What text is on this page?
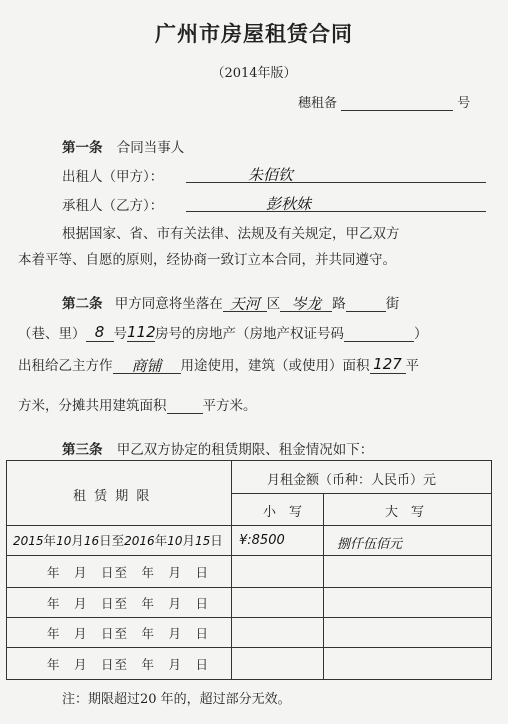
广州市房屋租赁合同
（2014年版）
穗租备	号
第一条 合同当事人
出租人（甲方）：	朱佰钦
承租人（乙方）：	彭秋妹
根据国家、省、市有关法律、法规及有关规定，甲乙双方
本着平等、自愿的原则，经协商一致订立本合同，并共同遵守。
第二条 甲方同意将坐落在 天河 区 岑龙 路	街
（巷、里） 8 号112房号的房地产（房地产权证号码	）
出租给乙主方作 商铺 用途使用，建筑（或使用）面积 127 平
方米，分摊共用建筑面积	平方米。
第三条 甲乙双方协定的租赁期限、租金情况如下：
租 赁 期 限
月租金额（币种：人民币）元
小　写	大　写
2015年10月16日至2016年10月15日 ¥:8500	捌仟伍佰元
年　月　日至　年　月　日
年　月　日至　年　月　日
年　月　日至　年　月　日
年　月　日至　年　月　日
注：期限超过20 年的，超过部分无效。
